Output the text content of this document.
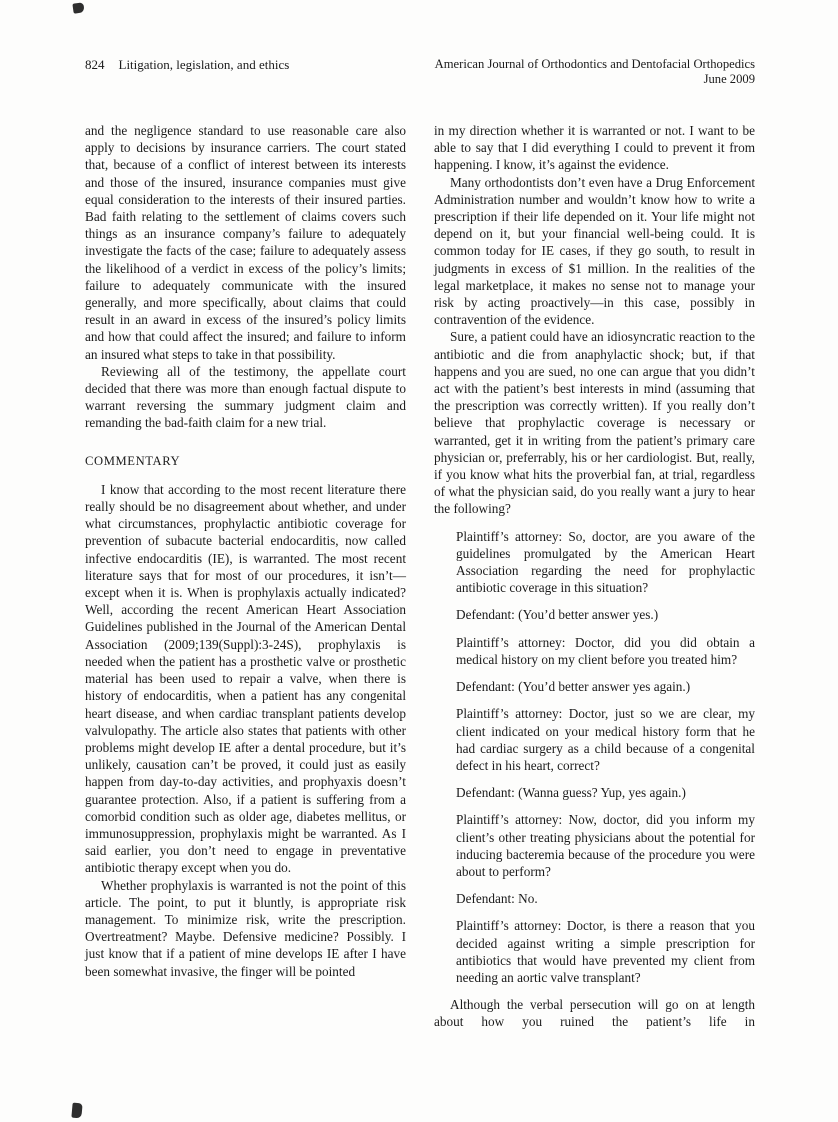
824 Litigation, legislation, and ethics	American Journal of Orthodontics and Dentofacial Orthopedics
June 2009

and the negligence standard to use reasonable care also apply to decisions by insurance carriers. The court stated that, because of a conflict of interest between its interests and those of the insured, insurance companies must give equal consideration to the interests of their insured parties. Bad faith relating to the settlement of claims covers such things as an insurance company’s failure to adequately investigate the facts of the case; failure to adequately assess the likelihood of a verdict in excess of the policy’s limits; failure to adequately communicate with the insured generally, and more specifically, about claims that could result in an award in excess of the insured’s policy limits and how that could affect the insured; and failure to inform an insured what steps to take in that possibility.

Reviewing all of the testimony, the appellate court decided that there was more than enough factual dispute to warrant reversing the summary judgment claim and remanding the bad-faith claim for a new trial.

COMMENTARY

I know that according to the most recent literature there really should be no disagreement about whether, and under what circumstances, prophylactic antibiotic coverage for prevention of subacute bacterial endocarditis, now called infective endocarditis (IE), is warranted. The most recent literature says that for most of our procedures, it isn’t—except when it is. When is prophylaxis actually indicated? Well, according the recent American Heart Association Guidelines published in the Journal of the American Dental Association (2009;139(Suppl):3-24S), prophylaxis is needed when the patient has a prosthetic valve or prosthetic material has been used to repair a valve, when there is history of endocarditis, when a patient has any congenital heart disease, and when cardiac transplant patients develop valvulopathy. The article also states that patients with other problems might develop IE after a dental procedure, but it’s unlikely, causation can’t be proved, it could just as easily happen from day-to-day activities, and prophyaxis doesn’t guarantee protection. Also, if a patient is suffering from a comorbid condition such as older age, diabetes mellitus, or immunosuppression, prophylaxis might be warranted. As I said earlier, you don’t need to engage in preventative antibiotic therapy except when you do.

Whether prophylaxis is warranted is not the point of this article. The point, to put it bluntly, is appropriate risk management. To minimize risk, write the prescription. Overtreatment? Maybe. Defensive medicine? Possibly. I just know that if a patient of mine develops IE after I have been somewhat invasive, the finger will be pointed

in my direction whether it is warranted or not. I want to be able to say that I did everything I could to prevent it from happening. I know, it’s against the evidence.

Many orthodontists don’t even have a Drug Enforcement Administration number and wouldn’t know how to write a prescription if their life depended on it. Your life might not depend on it, but your financial well-being could. It is common today for IE cases, if they go south, to result in judgments in excess of $1 million. In the realities of the legal marketplace, it makes no sense not to manage your risk by acting proactively—in this case, possibly in contravention of the evidence.

Sure, a patient could have an idiosyncratic reaction to the antibiotic and die from anaphylactic shock; but, if that happens and you are sued, no one can argue that you didn’t act with the patient’s best interests in mind (assuming that the prescription was correctly written). If you really don’t believe that prophylactic coverage is necessary or warranted, get it in writing from the patient’s primary care physician or, preferrably, his or her cardiologist. But, really, if you know what hits the proverbial fan, at trial, regardless of what the physician said, do you really want a jury to hear the following?

Plaintiff’s attorney: So, doctor, are you aware of the guidelines promulgated by the American Heart Association regarding the need for prophylactic antibiotic coverage in this situation?

Defendant: (You’d better answer yes.)

Plaintiff’s attorney: Doctor, did you did obtain a medical history on my client before you treated him?

Defendant: (You’d better answer yes again.)

Plaintiff’s attorney: Doctor, just so we are clear, my client indicated on your medical history form that he had cardiac surgery as a child because of a congenital defect in his heart, correct?

Defendant: (Wanna guess? Yup, yes again.)

Plaintiff’s attorney: Now, doctor, did you inform my client’s other treating physicians about the potential for inducing bacteremia because of the procedure you were about to perform?

Defendant: No.

Plaintiff’s attorney: Doctor, is there a reason that you decided against writing a simple prescription for antibiotics that would have prevented my client from needing an aortic valve transplant?

Although the verbal persecution will go on at length about how you ruined the patient’s life in
